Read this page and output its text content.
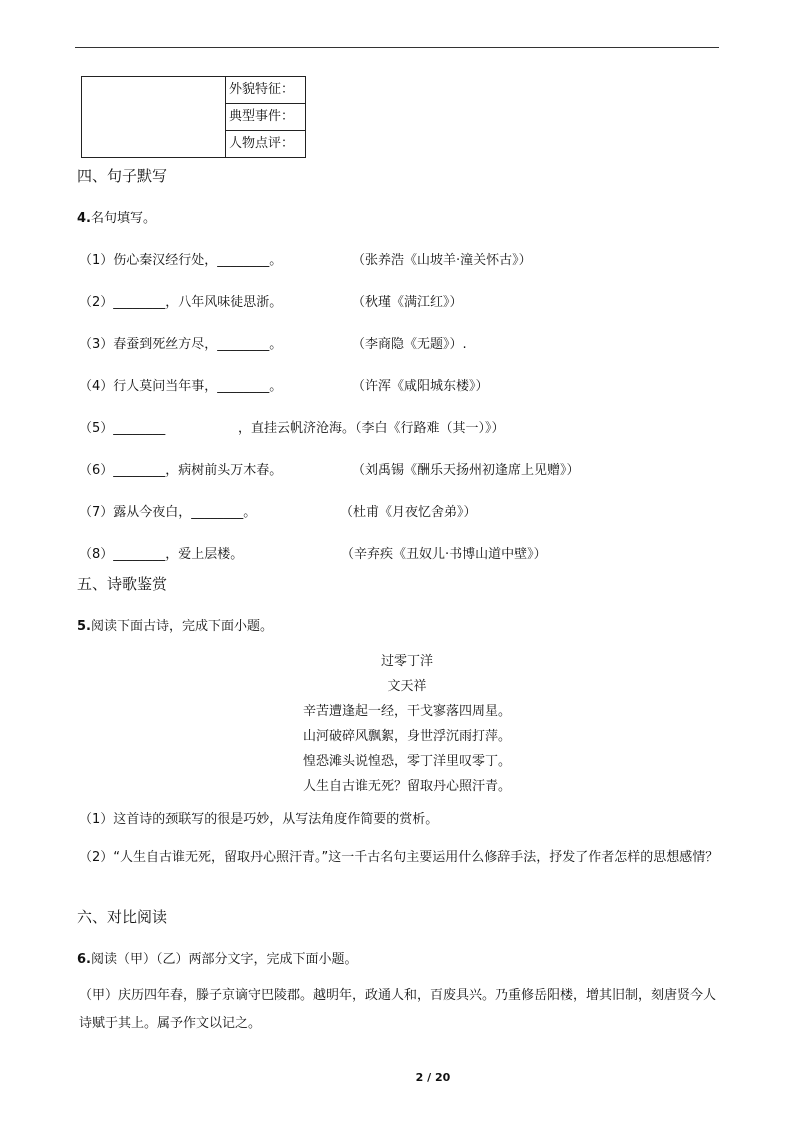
	外貌特征：
典型事件：
人物点评：
四、句子默写
4.名句填写。
（1）伤心秦汉经行处，________。	（张养浩《山坡羊·潼关怀古》）
（2）________，八年风味徒思浙。	（秋瑾《满江红》）
（3）春蚕到死丝方尽，________。	（李商隐《无题》）.
（4）行人莫问当年事，________。	（许浑《咸阳城东楼》）
（5）________	，直挂云帆济沧海。（李白《行路难（其一）》）
（6）________，病树前头万木春。	（刘禹锡《酬乐天扬州初逢席上见赠》）
（7）露从今夜白，________。	（杜甫《月夜忆舍弟》）
（8）________，爱上层楼。	（辛弃疾《丑奴儿·书博山道中壁》）
五、诗歌鉴赏
5.阅读下面古诗，完成下面小题。
过零丁洋
文天祥
辛苦遭逢起一经，干戈寥落四周星。
山河破碎风飘絮，身世浮沉雨打萍。
惶恐滩头说惶恐，零丁洋里叹零丁。
人生自古谁无死？留取丹心照汗青。
（1）这首诗的颈联写的很是巧妙，从写法角度作简要的赏析。
（2）“人生自古谁无死，留取丹心照汗青。”这一千古名句主要运用什么修辞手法，抒发了作者怎样的思想感情？
六、对比阅读
6.阅读（甲）（乙）两部分文字，完成下面小题。
（甲）庆历四年春，滕子京谪守巴陵郡。越明年，政通人和，百废具兴。乃重修岳阳楼，增其旧制，刻唐贤今人诗赋于其上。属予作文以记之。
2 / 20
